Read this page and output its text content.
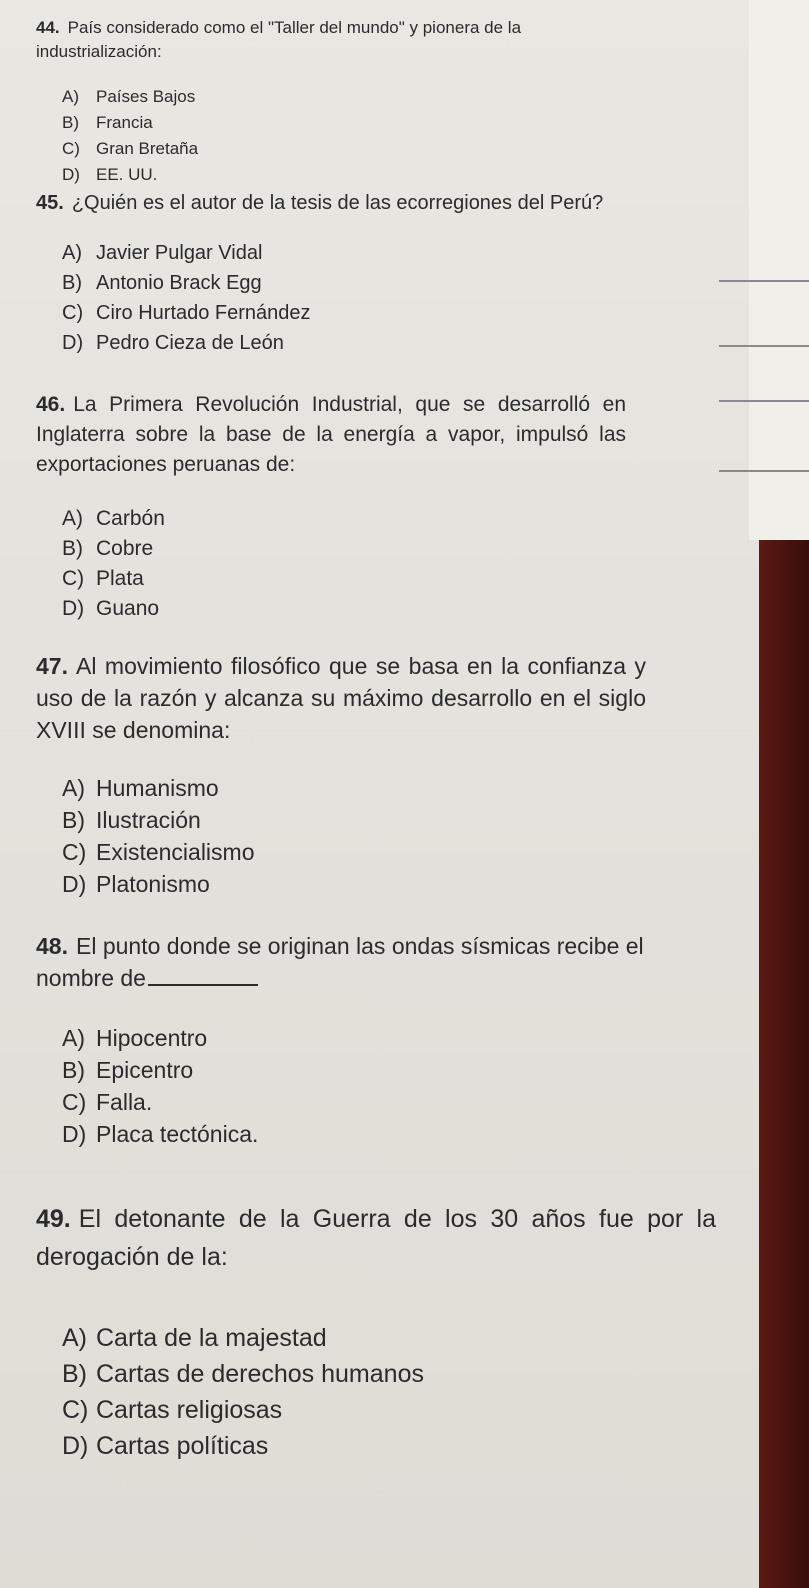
44. País considerado como el "Taller del mundo" y pionera de la industrialización:

A) Países Bajos
B) Francia
C) Gran Bretaña
D) EE. UU.

45. ¿Quién es el autor de la tesis de las ecorregiones del Perú?

A) Javier Pulgar Vidal
B) Antonio Brack Egg
C) Ciro Hurtado Fernández
D) Pedro Cieza de León

46. La Primera Revolución Industrial, que se desarrolló en Inglaterra sobre la base de la energía a vapor, impulsó las exportaciones peruanas de:

A) Carbón
B) Cobre
C) Plata
D) Guano

47. Al movimiento filosófico que se basa en la confianza y uso de la razón y alcanza su máximo desarrollo en el siglo XVIII se denomina:

A) Humanismo
B) Ilustración
C) Existencialismo
D) Platonismo

48. El punto donde se originan las ondas sísmicas recibe el nombre de

A) Hipocentro
B) Epicentro
C) Falla.
D) Placa tectónica.

49. El detonante de la Guerra de los 30 años fue por la derogación de la:

A) Carta de la majestad
B) Cartas de derechos humanos
C) Cartas religiosas
D) Cartas políticas
